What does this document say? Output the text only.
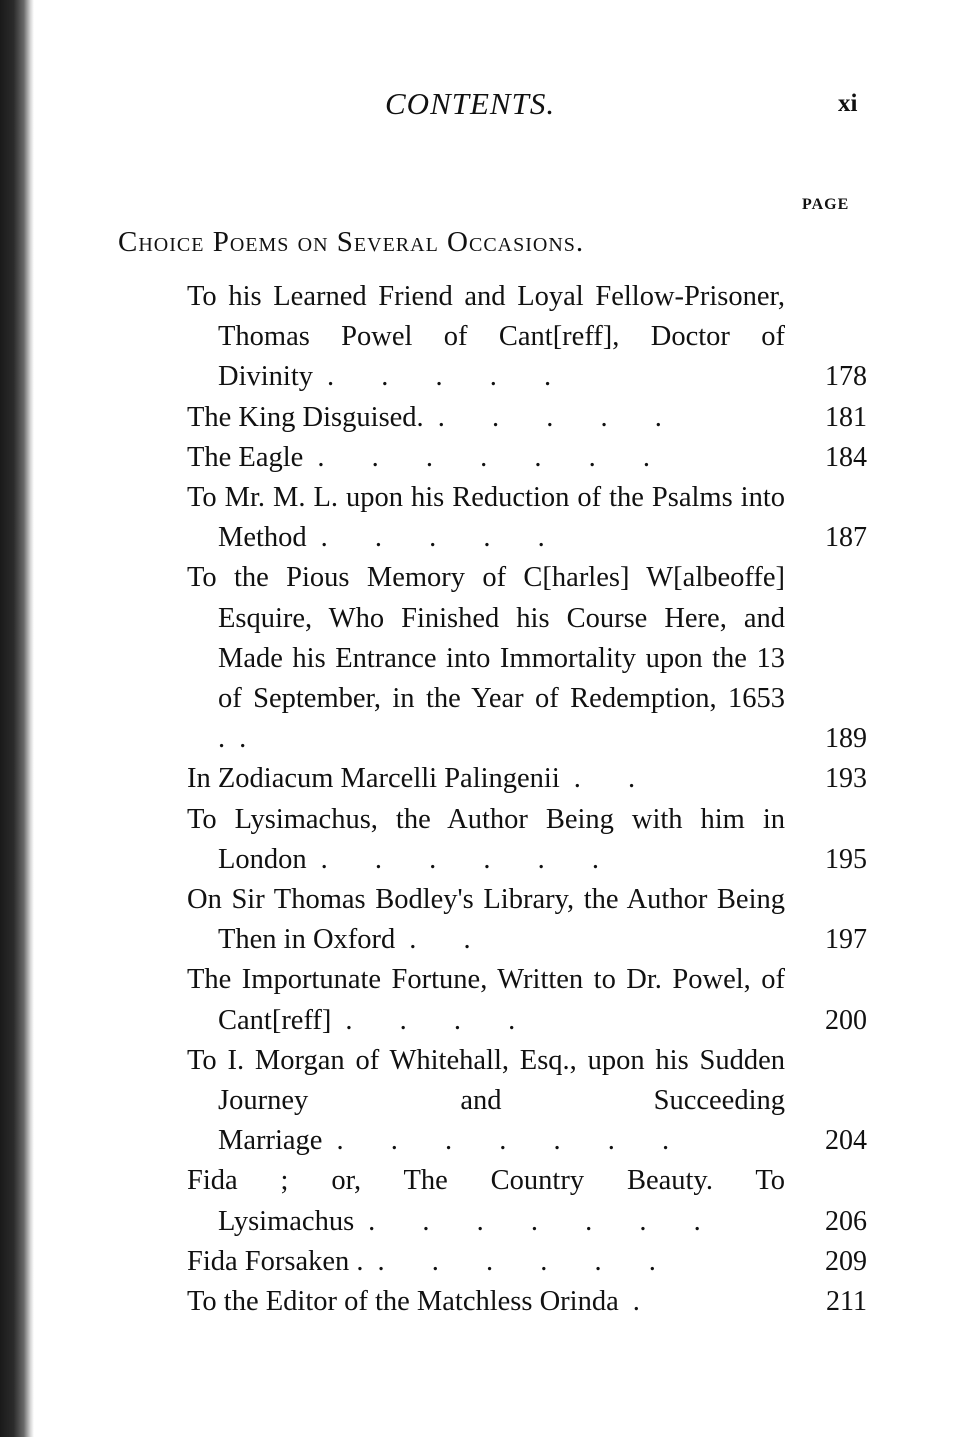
CONTENTS.	xi
PAGE
Choice Poems on Several Occasions.
To his Learned Friend and Loyal Fellow-Prisoner, Thomas Powel of Cant[reff], Doctor of Divinity . . . . .	178
The King Disguised. . . . . .	181
The Eagle . . . . . . .	184
To Mr. M. L. upon his Reduction of the Psalms into Method . . . . .	187
To the Pious Memory of C[harles] W[albeoffe] Esquire, Who Finished his Course Here, and Made his Entrance into Immortality upon the 13 of September, in the Year of Redemption, 1653 . .	189
In Zodiacum Marcelli Palingenii . .	193
To Lysimachus, the Author Being with him in London . . . . . .	195
On Sir Thomas Bodley's Library, the Author Being Then in Oxford . .	197
The Importunate Fortune, Written to Dr. Powel, of Cant[reff] . . . .	200
To I. Morgan of Whitehall, Esq., upon his Sudden Journey and Succeeding Marriage . . . . . . .	204
Fida ; or, The Country Beauty. To Lysimachus . . . . . . .	206
Fida Forsaken . . . . . . .	209
To the Editor of the Matchless Orinda .	211
